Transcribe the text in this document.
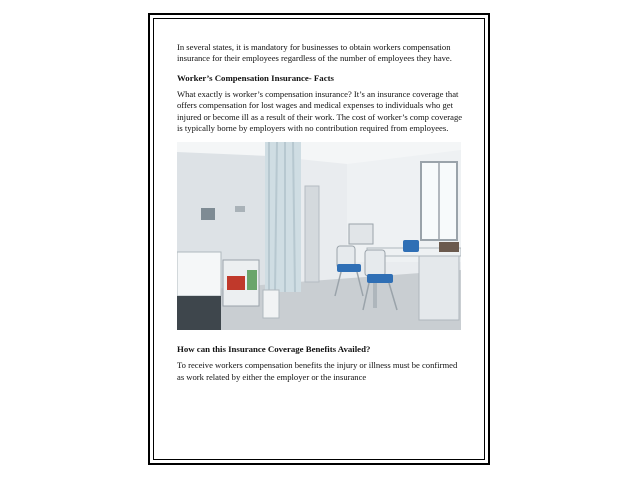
In several states, it is mandatory for businesses to obtain workers compensation insurance for their employees regardless of the number of employees they have.

Worker’s Compensation Insurance- Facts

What exactly is worker’s compensation insurance? It’s an insurance coverage that offers compensation for lost wages and medical expenses to individuals who get injured or become ill as a result of their work. The cost of worker’s comp coverage is typically borne by employers with no contribution required from employees.

How can this Insurance Coverage Benefits Availed?

To receive workers compensation benefits the injury or illness must be confirmed as work related by either the employer or the insurance
